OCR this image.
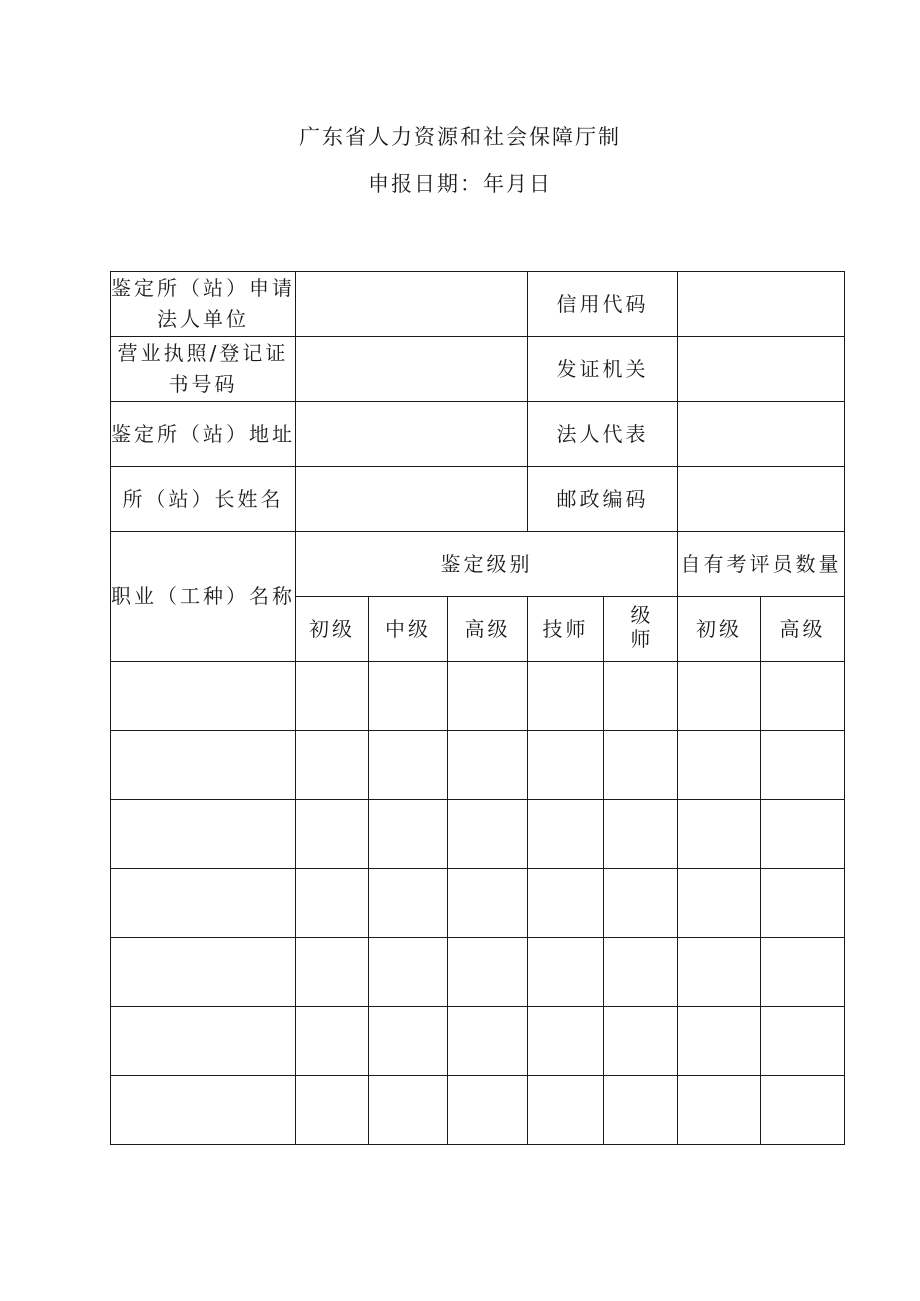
广东省人力资源和社会保障厅制
申报日期：年月日
鉴定所（站）申请法人单位				信用代码			
营业执照/登记证书号码				发证机关			
鉴定所（站）地址				法人代表			
所（站）长姓名				邮政编码			
职业（工种）名称	鉴定级别					自有考评员数量	
	初级	中级	高级	技师	级师	初级	高级
